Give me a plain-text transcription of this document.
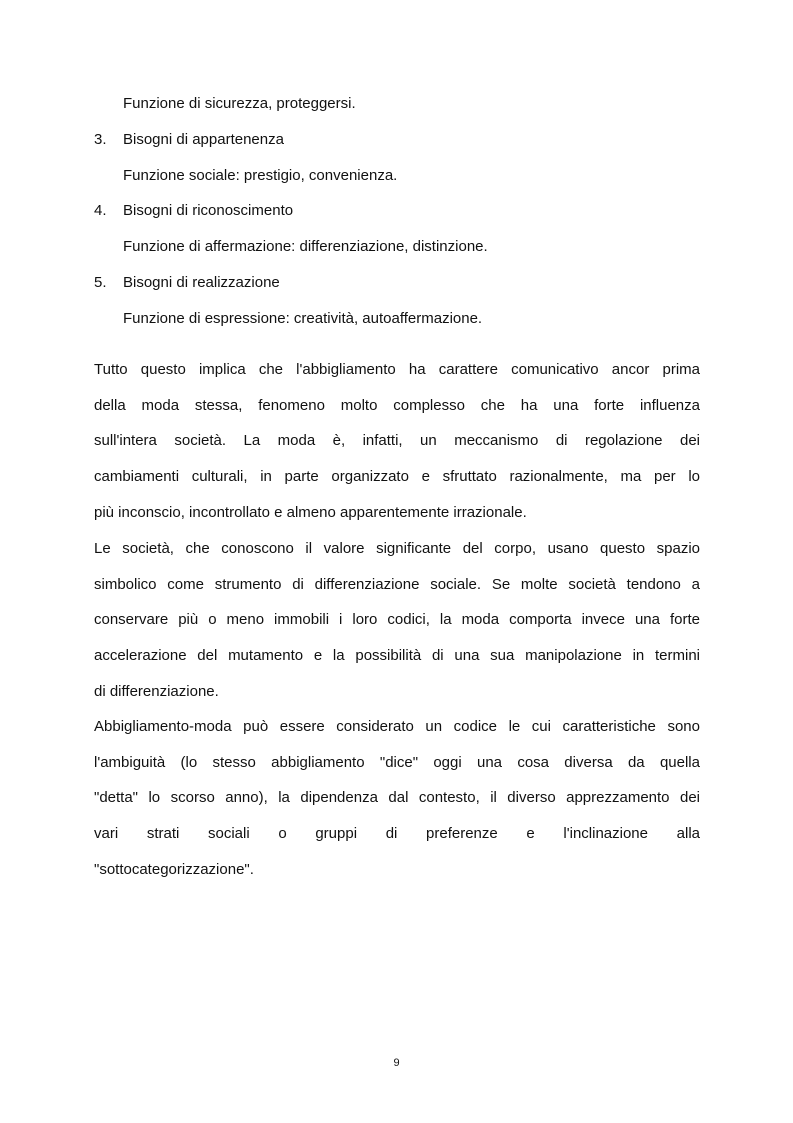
Funzione di sicurezza, proteggersi.
3.	Bisogni di appartenenza
Funzione sociale: prestigio, convenienza.
4.	Bisogni di riconoscimento
Funzione di affermazione: differenziazione, distinzione.
5.	Bisogni di realizzazione
Funzione di espressione: creatività, autoaffermazione.
Tutto questo implica che l'abbigliamento ha carattere comunicativo ancor prima
della moda stessa, fenomeno molto complesso che ha una forte influenza
sull'intera società. La moda è, infatti, un meccanismo di regolazione dei
cambiamenti culturali, in parte organizzato e sfruttato razionalmente, ma per lo
più inconscio, incontrollato e almeno apparentemente irrazionale.
Le società, che conoscono il valore significante del corpo, usano questo spazio
simbolico come strumento di differenziazione sociale. Se molte società tendono a
conservare più o meno immobili i loro codici, la moda comporta invece una forte
accelerazione del mutamento e la possibilità di una sua manipolazione in termini
di differenziazione.
Abbigliamento-moda può essere considerato un codice le cui caratteristiche sono
l'ambiguità (lo stesso abbigliamento "dice" oggi una cosa diversa da quella
"detta" lo scorso anno), la dipendenza dal contesto, il diverso apprezzamento dei
vari strati sociali o gruppi di preferenze e l'inclinazione alla
"sottocategorizzazione".
9
